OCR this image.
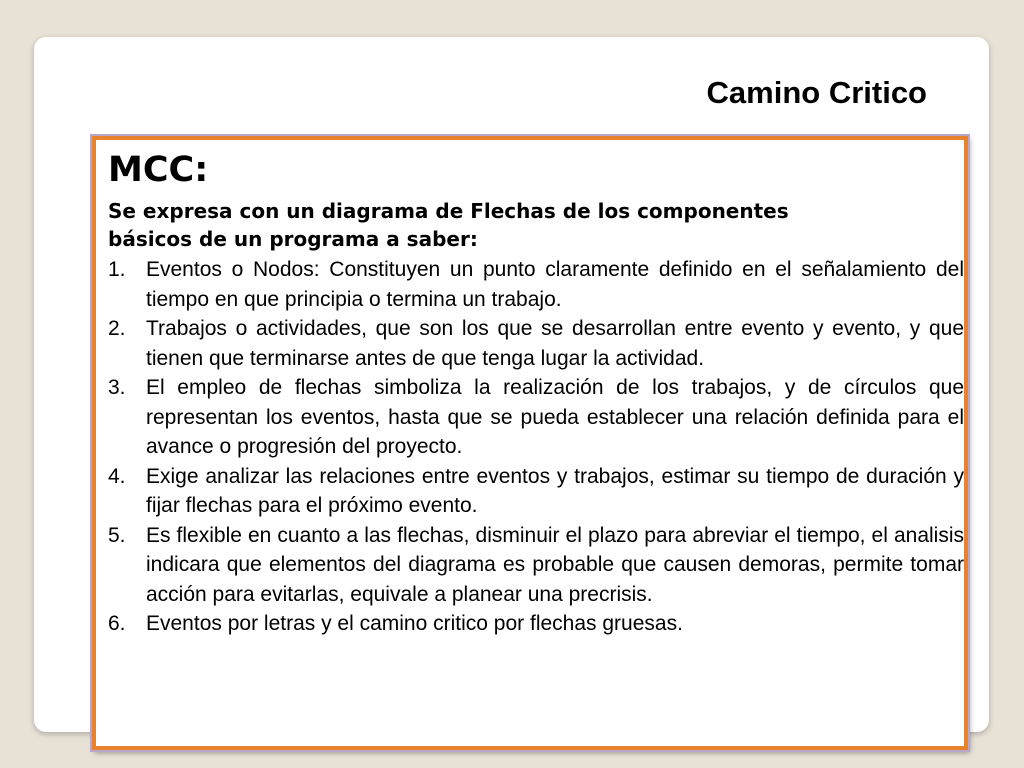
Camino Critico
MCC:

Se expresa con un diagrama de Flechas de los componentes básicos de un programa a saber:

1. Eventos o Nodos: Constituyen un punto claramente definido en el señalamiento del tiempo en que principia o termina un trabajo.
2. Trabajos o actividades, que son los que se desarrollan entre evento y evento, y que tienen que terminarse antes de que tenga lugar la actividad.
3. El empleo de flechas simboliza la realización de los trabajos, y de círculos que representan los eventos, hasta que se pueda establecer una relación definida para el avance o progresión del proyecto.
4. Exige analizar las relaciones entre eventos y trabajos, estimar su tiempo de duración y fijar flechas para el próximo evento.
5. Es flexible en cuanto a las flechas, disminuir el plazo para abreviar el tiempo, el analisis indicara que elementos del diagrama es probable que causen demoras, permite tomar acción para evitarlas, equivale a planear una precrisis.
6. Eventos por letras y el camino critico por flechas gruesas.
